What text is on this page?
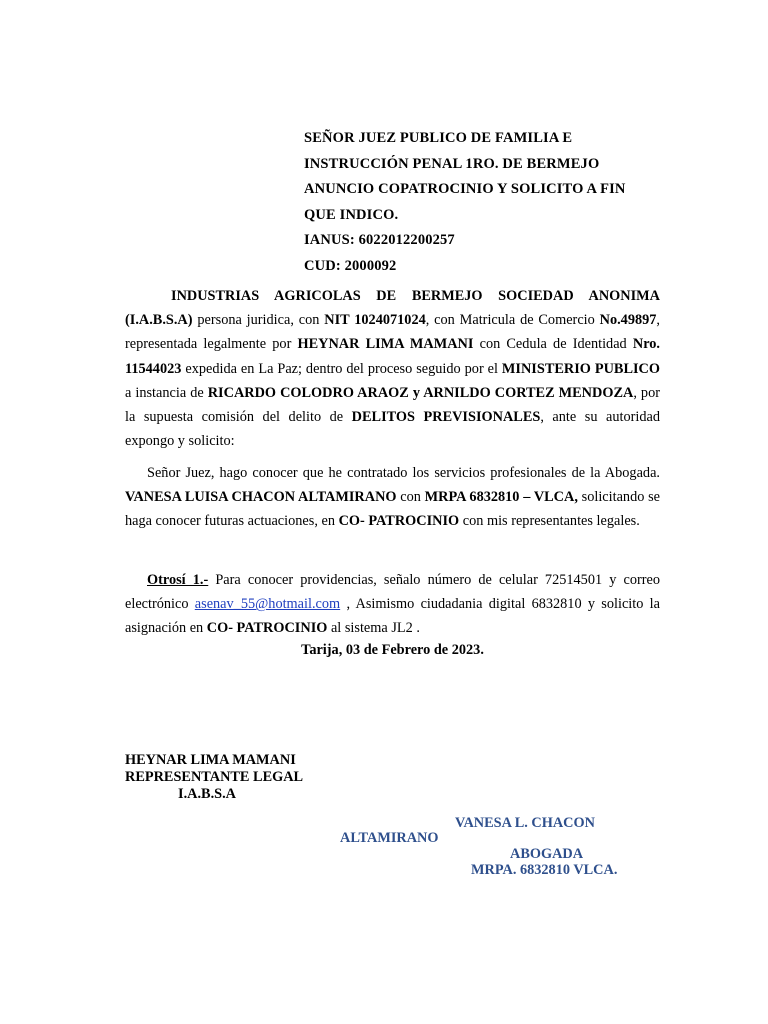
SEÑOR JUEZ PUBLICO DE FAMILIA E
INSTRUCCIÓN PENAL 1RO. DE BERMEJO
ANUNCIO COPATROCINIO Y SOLICITO A FIN
QUE INDICO.
IANUS: 6022012200257
CUD: 2000092
INDUSTRIAS AGRICOLAS DE BERMEJO SOCIEDAD ANONIMA (I.A.B.S.A) persona juridica, con NIT 1024071024, con Matricula de Comercio No.49897, representada legalmente por HEYNAR LIMA MAMANI con Cedula de Identidad Nro. 11544023 expedida en La Paz; dentro del proceso seguido por el MINISTERIO PUBLICO a instancia de RICARDO COLODRO ARAOZ y ARNILDO CORTEZ MENDOZA, por la supuesta comisión del delito de DELITOS PREVISIONALES, ante su autoridad expongo y solicito:
Señor Juez, hago conocer que he contratado los servicios profesionales de la Abogada. VANESA LUISA CHACON ALTAMIRANO con MRPA 6832810 – VLCA, solicitando se haga conocer futuras actuaciones, en CO- PATROCINIO con mis representantes legales.
Otrosí 1.- Para conocer providencias, señalo número de celular 72514501 y correo electrónico asenav_55@hotmail.com , Asimismo ciudadania digital 6832810 y solicito la asignación en CO- PATROCINIO al sistema JL2 .
Tarija, 03 de Febrero de 2023.
HEYNAR LIMA MAMANI
REPRESENTANTE LEGAL
I.A.B.S.A
VANESA L. CHACON
ALTAMIRANO
ABOGADA
MRPA. 6832810 VLCA.
